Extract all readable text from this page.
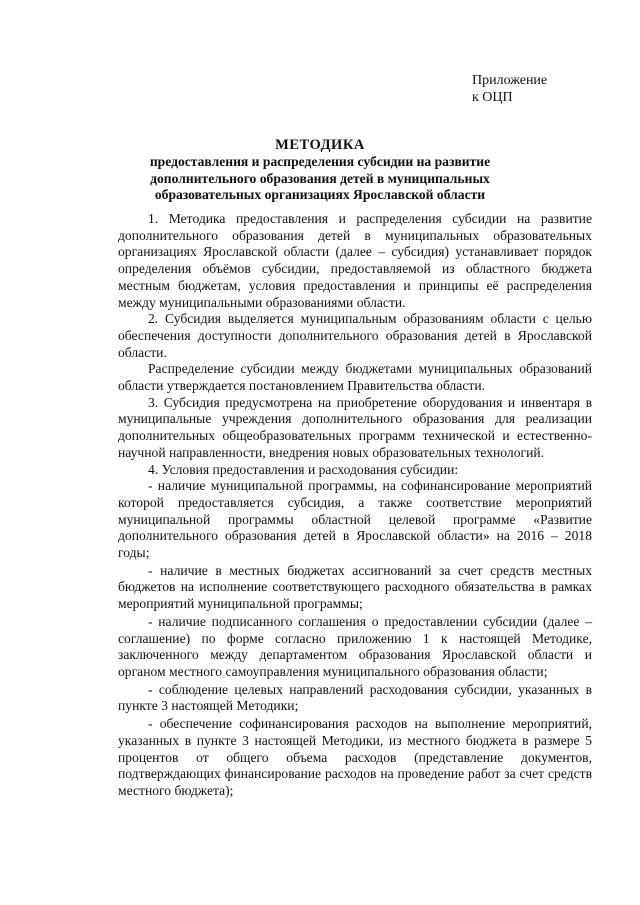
Приложение
к ОЦП
МЕТОДИКА
предоставления и распределения субсидии на развитие дополнительного образования детей в муниципальных образовательных организациях Ярославской области

1. Методика предоставления и распределения субсидии на развитие дополнительного образования детей в муниципальных образовательных организациях Ярославской области (далее – субсидия) устанавливает порядок определения объёмов субсидии, предоставляемой из областного бюджета местным бюджетам, условия предоставления и принципы её распределения между муниципальными образованиями области.

2. Субсидия выделяется муниципальным образованиям области с целью обеспечения доступности дополнительного образования детей в Ярославской области.

Распределение субсидии между бюджетами муниципальных образований области утверждается постановлением Правительства области.

3. Субсидия предусмотрена на приобретение оборудования и инвентаря в муниципальные учреждения дополнительного образования для реализации дополнительных общеобразовательных программ технической и естественно-научной направленности, внедрения новых образовательных технологий.

4. Условия предоставления и расходования субсидии:

- наличие муниципальной программы, на софинансирование мероприятий которой предоставляется субсидия, а также соответствие мероприятий муниципальной программы областной целевой программе «Развитие дополнительного образования детей в Ярославской области» на 2016 – 2018 годы;

- наличие в местных бюджетах ассигнований за счет средств местных бюджетов на исполнение соответствующего расходного обязательства в рамках мероприятий муниципальной программы;

- наличие подписанного соглашения о предоставлении субсидии (далее – соглашение) по форме согласно приложению 1 к настоящей Методике, заключенного между департаментом образования Ярославской области и органом местного самоуправления муниципального образования области;

- соблюдение целевых направлений расходования субсидии, указанных в пункте 3 настоящей Методики;

- обеспечение софинансирования расходов на выполнение мероприятий, указанных в пункте 3 настоящей Методики, из местного бюджета в размере 5 процентов от общего объема расходов (представление документов, подтверждающих финансирование расходов на проведение работ за счет средств местного бюджета);
